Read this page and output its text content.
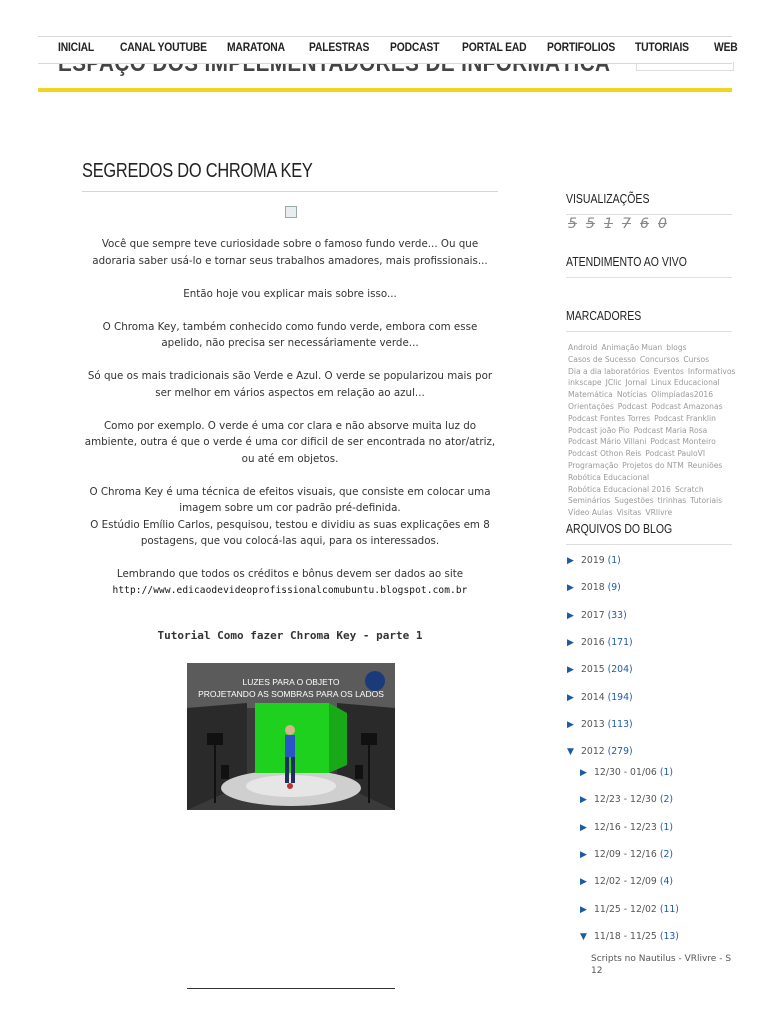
INICIAL CANAL YOUTUBE MARATONA PALESTRAS PODCAST PORTAL EAD PORTIFOLIOS TUTORIAIS WEB
SEGREDOS DO CHROMA KEY

Você que sempre teve curiosidade sobre o famoso fundo verde... Ou que adoraria saber usá-lo e tornar seus trabalhos amadores, mais profissionais...

Então hoje vou explicar mais sobre isso...

O Chroma Key, também conhecido como fundo verde, embora com esse apelido, não precisa ser necessáriamente verde...

Só que os mais tradicionais são Verde e Azul. O verde se popularizou mais por ser melhor em vários aspectos em relação ao azul...

Como por exemplo. O verde é uma cor clara e não absorve muita luz do ambiente, outra é que o verde é uma cor dificil de ser encontrada no ator/atriz, ou até em objetos.

O Chroma Key é uma técnica de efeitos visuais, que consiste em colocar uma imagem sobre um cor padrão pré-definida.

O Estúdio Emílio Carlos, pesquisou, testou e dividiu as suas explicações em 8 postagens, que vou colocá-las aqui, para os interessados.

Lembrando que todos os créditos e bônus devem ser dados ao site

http://www.edicaodevideoprofissionalcomubuntu.blogspot.com.br

Tutorial Como fazer Chroma Key - parte 1
LUZES PARA O OBJETO
PROJETANDO AS SOMBRAS PARA OS LADOS
VISUALIZAÇÕES
5 5 1 7 6 0
ATENDIMENTO AO VIVO
MARCADORES
Android Animação Muan blogs
Casos de Sucesso Concursos Cursos
Dia a dia laboratórios Eventos Informativos
inkscape JClic Jornal Linux Educacional
Matemática Notícias Olimpíadas2016
Orientações Podcast Podcast Amazonas
Podcast Fontes Torres Podcast Franklin
Podcast joão Pio Podcast Maria Rosa
Podcast Mário Villani Podcast Monteiro
Podcast Othon Reis Podcast PauloVI
Programação Projetos do NTM Reuniões
Robótica Educacional
Robótica Educacional 2016 Scratch
Seminários Sugestões tirinhas Tutoriais
Vídeo Aulas Visitas VRlivre
ARQUIVOS DO BLOG
▶ 2019 (1)
▶ 2018 (9)
▶ 2017 (33)
▶ 2016 (171)
▶ 2015 (204)
▶ 2014 (194)
▶ 2013 (113)
▼ 2012 (279)
▶ 12/30 - 01/06 (1)
▶ 12/23 - 12/30 (2)
▶ 12/16 - 12/23 (1)
▶ 12/09 - 12/16 (2)
▶ 12/02 - 12/09 (4)
▶ 11/25 - 12/02 (11)
▼ 11/18 - 11/25 (13)
Scripts no Nautilus - VRlivre - S 12
